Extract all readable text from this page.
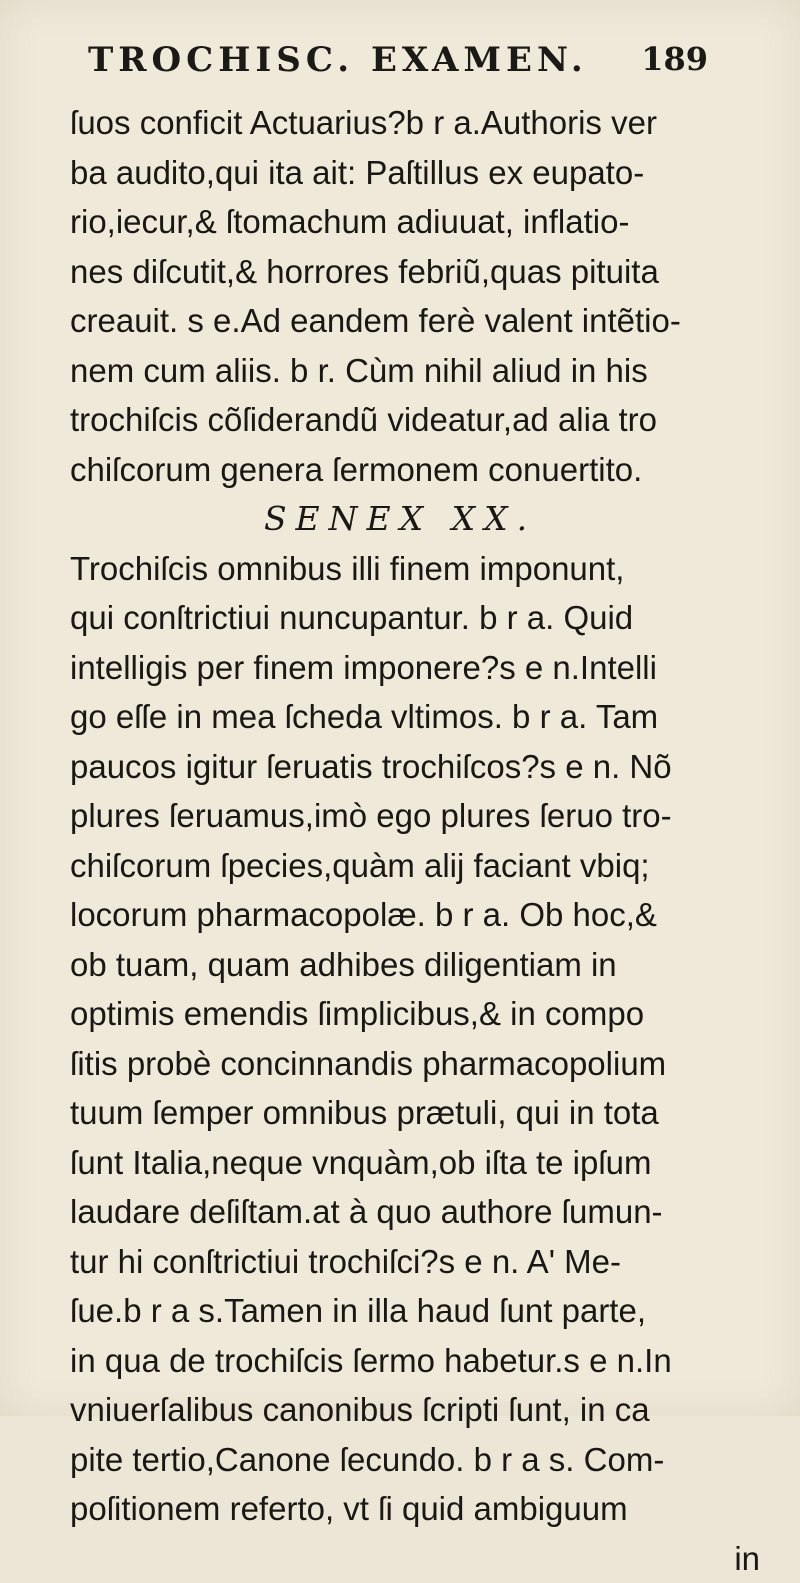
TROCHISC. EXAMEN. 189
ſuos conficit Actuarius?b r a.Authoris ver
ba audito,qui ita ait: Paſtillus ex eupato-
rio,iecur,& ſtomachum adiuuat, inflatio-
nes diſcutit,& horrores febriũ,quas pituita
creauit. s e.Ad eandem ferè valent intẽtio-
nem cum aliis. b r. Cùm nihil aliud in his
trochiſcis cõſiderandũ videatur,ad alia tro
chiſcorum genera ſermonem conuertito.
SENEX XX.
Trochiſcis omnibus illi finem imponunt,
qui conſtrictiui nuncupantur. b r a. Quid
intelligis per finem imponere?s e n.Intelli
go eſſe in mea ſcheda vltimos. b r a. Tam
paucos igitur ſeruatis trochiſcos?s e n. Nõ
plures ſeruamus,imò ego plures ſeruo tro-
chiſcorum ſpecies,quàm alij faciant vbiq;
locorum pharmacopolæ. b r a. Ob hoc,&
ob tuam, quam adhibes diligentiam in
optimis emendis ſimplicibus,& in compo
ſitis probè concinnandis pharmacopolium
tuum ſemper omnibus prætuli, qui in tota
ſunt Italia,neque vnquàm,ob iſta te ipſum
laudare deſiſtam.at à quo authore ſumun-
tur hi conſtrictiui trochiſci?s e n. A' Me-
ſue.b r a s.Tamen in illa haud ſunt parte,
in qua de trochiſcis ſermo habetur.s e n.In
vniuerſalibus canonibus ſcripti ſunt, in ca
pite tertio,Canone ſecundo. b r a s. Com-
poſitionem referto, vt ſi quid ambiguum
in
